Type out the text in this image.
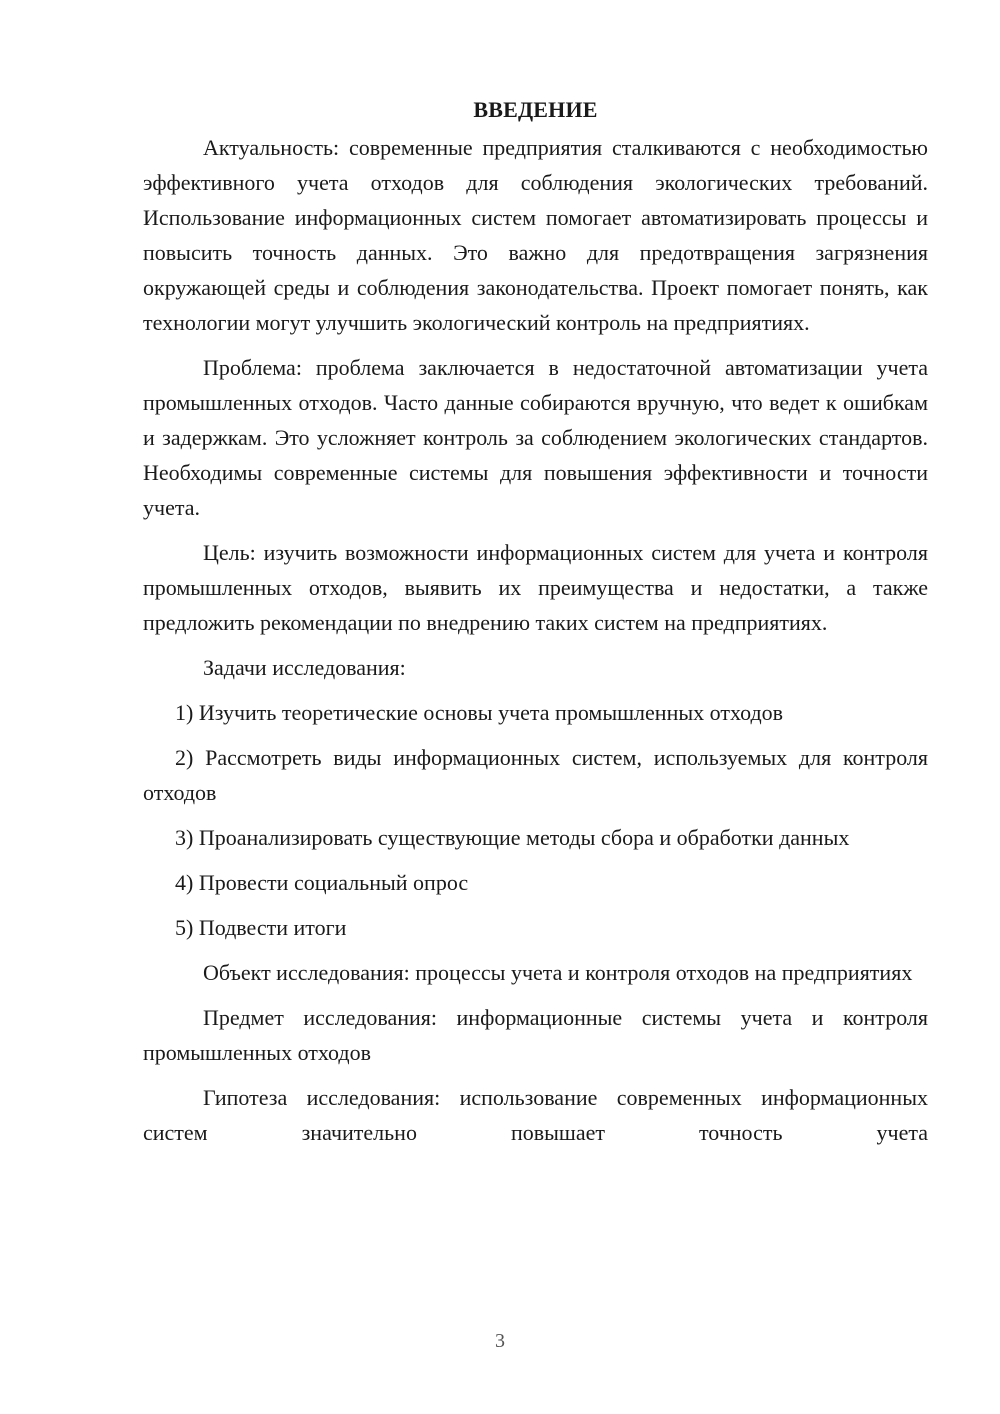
ВВЕДЕНИЕ

Актуальность: современные предприятия сталкиваются с необходимостью эффективного учета отходов для соблюдения экологических требований. Использование информационных систем помогает автоматизировать процессы и повысить точность данных. Это важно для предотвращения загрязнения окружающей среды и соблюдения законодательства. Проект помогает понять, как технологии могут улучшить экологический контроль на предприятиях.

Проблема: проблема заключается в недостаточной автоматизации учета промышленных отходов. Часто данные собираются вручную, что ведет к ошибкам и задержкам. Это усложняет контроль за соблюдением экологических стандартов. Необходимы современные системы для повышения эффективности и точности учета.

Цель: изучить возможности информационных систем для учета и контроля промышленных отходов, выявить их преимущества и недостатки, а также предложить рекомендации по внедрению таких систем на предприятиях.

Задачи исследования:

1) Изучить теоретические основы учета промышленных отходов

2) Рассмотреть виды информационных систем, используемых для контроля отходов

3) Проанализировать существующие методы сбора и обработки данных

4) Провести социальный опрос

5) Подвести итоги

Объект исследования: процессы учета и контроля отходов на предприятиях

Предмет исследования: информационные системы учета и контроля промышленных отходов

Гипотеза исследования: использование современных информационных систем значительно повышает точность учета

3
